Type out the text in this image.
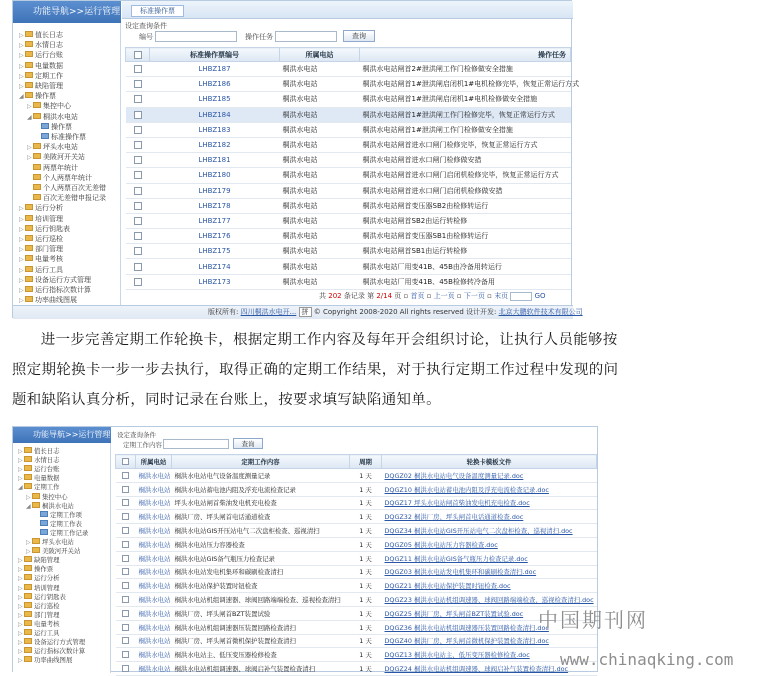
功能导航>>运行管理
▷ 值长日志
▷ 水情日志
▷ 运行台账
▷ 电量数据
▷ 定期工作
▷ 缺陷管理
◢ 操作票
▷ 集控中心
◢ 桐洪水电站
操作票
标准操作票
▷ 坪头水电站
▷ 美陂河开关站
两票年统计
个人两票年统计
个人两票百次无差错
百次无差错申报记录
▷ 运行分析
▷ 培训管理
▷ 运行钥匙表
▷ 运行巡检
▷ 部门管理
▷ 电量考核
▷ 运行工具
▷ 设备运行方式管理
▷ 运行指标次数计算
▷ 功率曲线图展
标准操作票
设定查询条件
编号	操作任务	查询
	标准操作票编号	所属电站	操作任务
	LHBZ187	桐洪水电站	桐洪水电站闸首2#泄洪闸工作门检修做安全措施
	LHBZ186	桐洪水电站	桐洪水电站闸首1#泄洪闸启闭机1#电机检修完毕，恢复正常运行方式
	LHBZ185	桐洪水电站	桐洪水电站闸首1#泄洪闸启闭机1#电机检修做安全措施
	LHBZ184	桐洪水电站	桐洪水电站闸首1#泄洪闸工作门检修完毕，恢复正常运行方式
	LHBZ183	桐洪水电站	桐洪水电站闸首1#泄洪闸工作门检修做安全措施
	LHBZ182	桐洪水电站	桐洪水电站闸首进水口闸门检修完毕，恢复正常运行方式
	LHBZ181	桐洪水电站	桐洪水电站闸首进水口闸门检修做安措
	LHBZ180	桐洪水电站	桐洪水电站闸首进水口闸门启闭机检修完毕，恢复正常运行方式
	LHBZ179	桐洪水电站	桐洪水电站闸首进水口闸门启闭机检修做安措
	LHBZ178	桐洪水电站	桐洪水电站闸首变压器SB2由检修转运行
	LHBZ177	桐洪水电站	桐洪水电站闸首SB2由运行转检修
	LHBZ176	桐洪水电站	桐洪水电站闸首变压器SB1由检修转运行
	LHBZ175	桐洪水电站	桐洪水电站闸首SB1由运行转检修
	LHBZ174	桐洪水电站	桐洪水电站厂用变41B、45B由冷备用转运行
	LHBZ173	桐洪水电站	桐洪水电站厂用变41B、45B检修转冷备用
共 202 条记录 第 2/14 页 ▫ 首页 ▫ 上一页 ▫ 下一页 ▫ 末页	GO
版权所有: 四川桐洪水电开... 拼 © Copyright 2008-2020 All rights reserved 设计开发: 北京大鹏软件技术有限公司
进一步完善定期工作轮换卡，根据定期工作内容及每年开会组织讨论，让执行人员能够按
照定期轮换卡一步一步去执行，取得正确的定期工作结果，对于执行定期工作过程中发现的问
题和缺陷认真分析，同时记录在台账上，按要求填写缺陷通知单。
功能导航>>运行管理
▷ 值长日志
▷ 水情日志
▷ 运行台账
▷ 电量数据
◢ 定期工作
▷ 集控中心
◢ 桐洪水电站
定期工作项
定期工作表
定期工作记录
▷ 坪头水电站
▷ 美陂河开关站
▷ 缺陷管理
▷ 操作票
▷ 运行分析
▷ 培训管理
▷ 运行钥匙表
▷ 运行巡检
▷ 部门管理
▷ 电量考核
▷ 运行工具
▷ 设备运行方式管理
▷ 运行指标次数计算
▷ 功率曲线图展
设定查询条件
定期工作内容	查询
	所属电站	定期工作内容	周期	轮换卡模板文件
	桐洪水电站	桐洪水电站电气设备温度测量记录	1 天	DQGZ02 桐洪水电站电气设备温度测量记录.doc
	桐洪水电站	桐洪水电站蓄电池内阻及浮充电流检查记录	1 天	DQGZ10 桐洪水电站蓄电池内阻及浮充电流检查记录.doc
	桐洪水电站	坪头水电站闸首柴油发电机充电检查	1 天	DQGZ17 坪头水电站闸首柴油发电机充电检查.doc
	桐洪水电站	桐洪厂房、坪头闸首电话通道检查	1 天	DQGZ32 桐洪厂房、坪头闸首电话通道检查.doc
	桐洪水电站	桐洪水电站GIS开压站电气二次盘柜检查、巡视清扫	1 天	DQGZ34 桐洪水电站GIS开压站电气二次盘柜检查、巡视清扫.doc
	桐洪水电站	桐洪水电站压力容器检查	1 天	DQGZ05 桐洪水电站压力容器检查.doc
	桐洪水电站	桐洪水电站GIS备气瓶压力检查记录	1 天	DQGZ11 桐洪水电站GIS备气瓶压力检查记录.doc
	桐洪水电站	桐洪水电站发电机集环和碳刷检查清扫	1 天	DQGZ03 桐洪水电站发电机集环和碳刷检查清扫.doc
	桐洪水电站	桐洪水电站保护装置时钮检查	1 天	DQGZ21 桐洪水电站保护装置时钮检查.doc
	桐洪水电站	桐洪水电站机组调速器、球阀回路端端检查、巡视检查清扫	1 天	DQGZ23 桐洪水电站机组调速器、球阀回路端端检查、巡视检查清扫.doc
	桐洪水电站	桐洪厂房、坪头闸首BZT装置试验	1 天	DQGZ25 桐洪厂房、坪头闸首BZT装置试验.doc
	桐洪水电站	桐洪水电站机组调速器压装置回路检查清扫	1 天	DQGZ36 桐洪水电站机组调速器压装置回路检查清扫.doc
	桐洪水电站	桐洪厂房、坪头闸首微机保护装置检查清扫	1 天	DQGZ40 桐洪厂房、坪头闸首微机保护装置检查清扫.doc
	桐洪水电站	桐洪水电站主、低压变压器检修检查	1 天	DQGZ13 桐洪水电站主、低压变压器检修检查.doc
	桐洪水电站	桐洪水电站机组调速器、球阀启补气装置检查清扫	1 天	DQGZ24 桐洪水电站机组调速器、球阀启补气装置检查清扫.doc
中国期刊网
www.chinaqking.com
